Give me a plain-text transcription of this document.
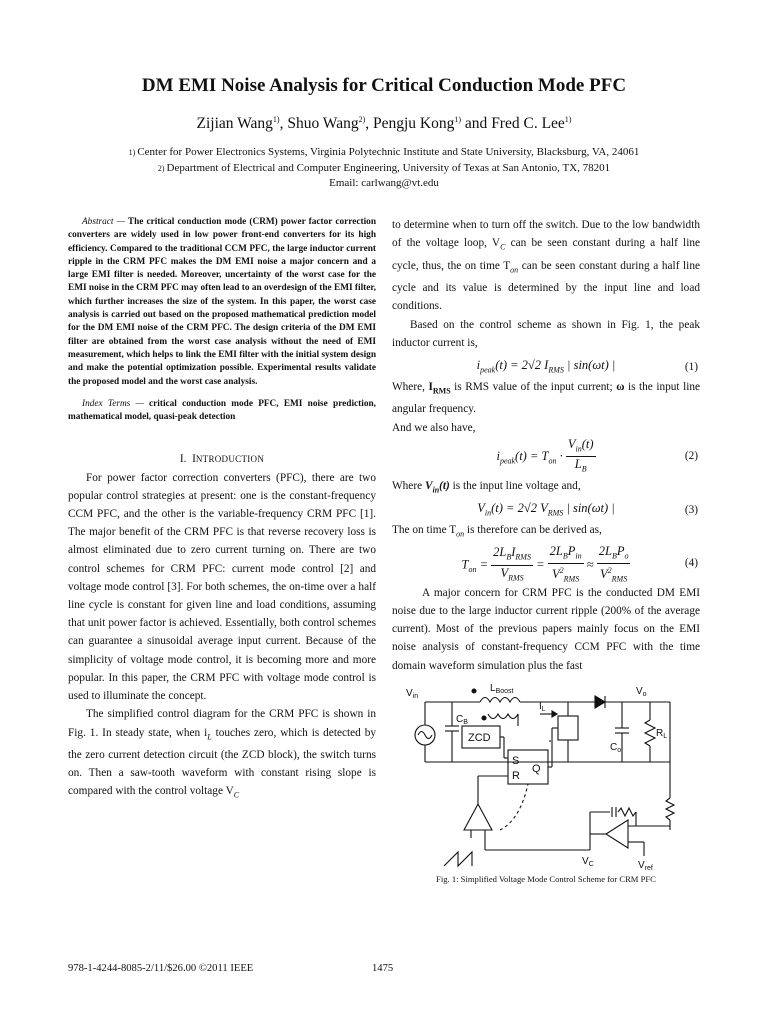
DM EMI Noise Analysis for Critical Conduction Mode PFC
Zijian Wang$^{1)}$, Shuo Wang$^{2)}$, Pengju Kong$^{1)}$ and Fred C. Lee$^{1)}$
1) Center for Power Electronics Systems, Virginia Polytechnic Institute and State University, Blacksburg, VA, 24061
2) Department of Electrical and Computer Engineering, University of Texas at San Antonio, TX, 78201
Email: carlwang@vt.edu

Abstract — The critical conduction mode (CRM) power factor correction converters are widely used in low power front-end converters for its high efficiency. Compared to the traditional CCM PFC, the large inductor current ripple in the CRM PFC makes the DM EMI noise a major concern and a large EMI filter is needed. Moreover, uncertainty of the worst case for the EMI noise in the CRM PFC may often lead to an overdesign of the EMI filter, which further increases the size of the system. In this paper, the worst case analysis is carried out based on the proposed mathematical prediction model for the DM EMI noise of the CRM PFC. The design criteria of the DM EMI filter are obtained from the worst case analysis without the need of EMI measurement, which helps to link the EMI filter with the initial system design and make the potential optimization possible. Experimental results validate the proposed model and the worst case analysis.

Index Terms — critical conduction mode PFC, EMI noise prediction, mathematical model, quasi-peak detection

I. INTRODUCTION

For power factor correction converters (PFC), there are two popular control strategies at present: one is the constant-frequency CCM PFC, and the other is the variable-frequency CRM PFC [1]. The major benefit of the CRM PFC is that reverse recovery loss is almost eliminated due to zero current turning on. There are two control schemes for CRM PFC: current mode control [2] and voltage mode control [3]. For both schemes, the on-time over a half line cycle is constant for given line and load conditions, assuming that unit power factor is achieved. Essentially, both control schemes can guarantee a sinusoidal average input current. Because of the simplicity of voltage mode control, it is becoming more and more popular. In this paper, the CRM PFC with voltage mode control is used to illuminate the concept.

The simplified control diagram for the CRM PFC is shown in Fig. 1. In steady state, when $i_L$ touches zero, which is detected by the zero current detection circuit (the ZCD block), the switch turns on. Then a saw-tooth waveform with constant rising slope is compared with the control voltage $V_C$

to determine when to turn off the switch. Due to the low bandwidth of the voltage loop, $V_C$ can be seen constant during a half line cycle, thus, the on time $T_{on}$ can be seen constant during a half line cycle and its value is determined by the input line and load conditions.

Based on the control scheme as shown in Fig. 1, the peak inductor current is,

$i_{peak}(t) = 2√2$ $I_{RMS}$ | sin(ωt) |	(1)

Where, $I_{RMS}$ is RMS value of the input current; ω is the input line angular frequency.

And we also have,

$i_{peak}(t) = T_{on} \cdot \frac{V_{in}(t)}{L_B}$	(2)

Where $V_{in}(t)$ is the input line voltage and,

$V_{in}(t) = 2√2$ $V_{RMS}$ | sin(ωt) |	(3)

The on time $T_{on}$ is therefore can be derived as,

$T_{on} = \frac{2L_BI_{RMS}}{V_{RMS}} = \frac{2L_BP_{in}}{V^2_{RMS}} \approx \frac{2L_BP_o}{V^2_{RMS}}$	(4)

A major concern for CRM PFC is the conducted DM EMI noise due to the large inductor current ripple (200% of the average current). Most of the previous papers mainly focus on the EMI noise analysis of constant-frequency CCM PFC with the time domain waveform simulation plus the fast

$V_{in}$
$L_{Boost}$	$V_o$
$C_B$
$I_L$
ZCD
$C_o$
$R_L$
S
R
Q
$V_C$	$V_{ref}$
Fig. 1: Simplified Voltage Mode Control Scheme for CRM PFC
978-1-4244-8085-2/11/$26.00 ©2011 IEEE	1475
